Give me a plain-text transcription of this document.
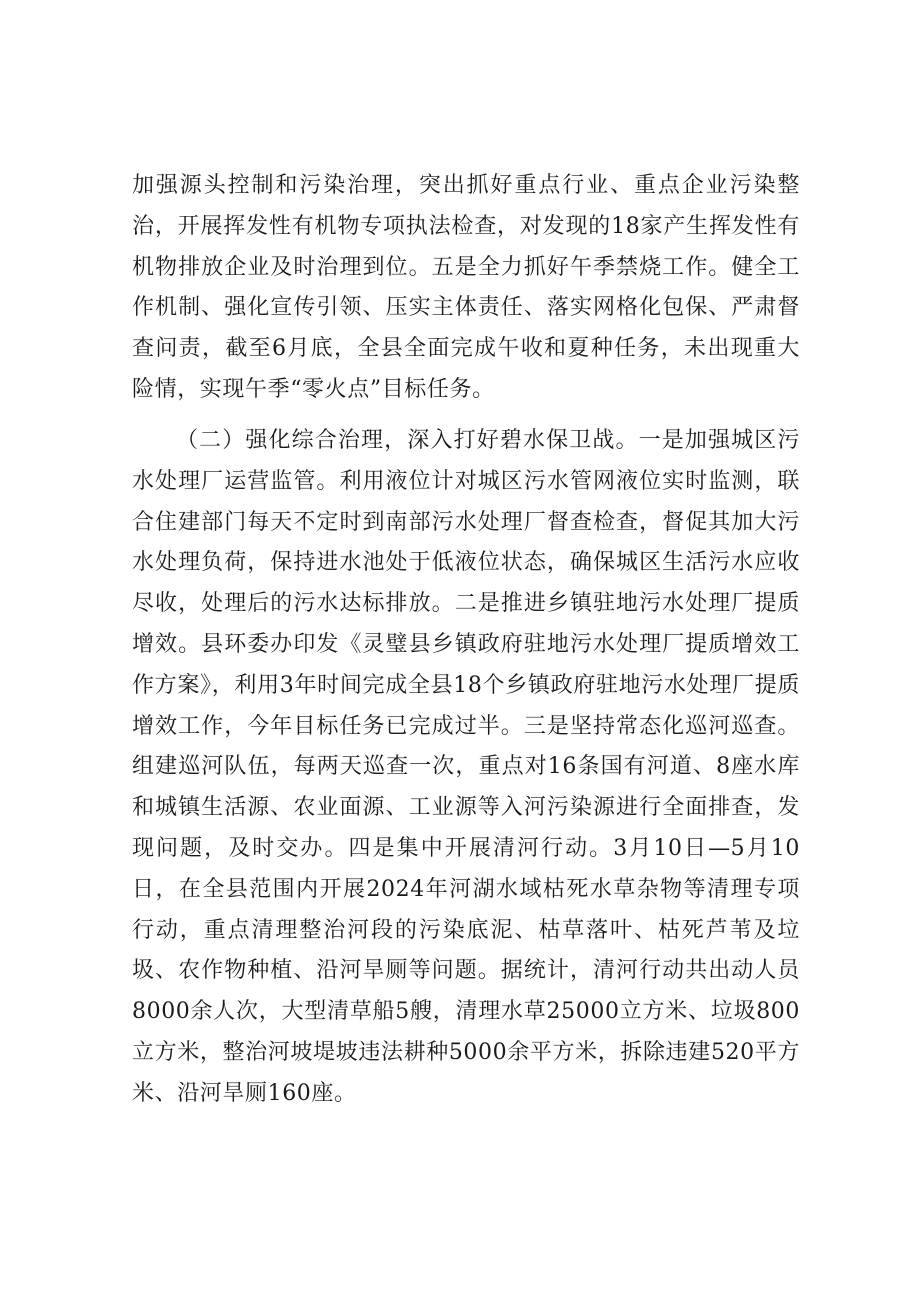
加强源头控制和污染治理，突出抓好重点行业、重点企业污染整治，开展挥发性有机物专项执法检查，对发现的18家产生挥发性有机物排放企业及时治理到位。五是全力抓好午季禁烧工作。健全工作机制、强化宣传引领、压实主体责任、落实网格化包保、严肃督查问责，截至6月底，全县全面完成午收和夏种任务，未出现重大险情，实现午季“零火点”目标任务。

（二）强化综合治理，深入打好碧水保卫战。一是加强城区污水处理厂运营监管。利用液位计对城区污水管网液位实时监测，联合住建部门每天不定时到南部污水处理厂督查检查，督促其加大污水处理负荷，保持进水池处于低液位状态，确保城区生活污水应收尽收，处理后的污水达标排放。二是推进乡镇驻地污水处理厂提质增效。县环委办印发《灵璧县乡镇政府驻地污水处理厂提质增效工作方案》，利用3年时间完成全县18个乡镇政府驻地污水处理厂提质增效工作，今年目标任务已完成过半。三是坚持常态化巡河巡查。组建巡河队伍，每两天巡查一次，重点对16条国有河道、8座水库和城镇生活源、农业面源、工业源等入河污染源进行全面排查，发现问题，及时交办。四是集中开展清河行动。3月10日—5月10日，在全县范围内开展2024年河湖水域枯死水草杂物等清理专项行动，重点清理整治河段的污染底泥、枯草落叶、枯死芦苇及垃圾、农作物种植、沿河旱厕等问题。据统计，清河行动共出动人员8000余人次，大型清草船5艘，清理水草25000立方米、垃圾800立方米，整治河坡堤坡违法耕种5000余平方米，拆除违建520平方米、沿河旱厕160座。
